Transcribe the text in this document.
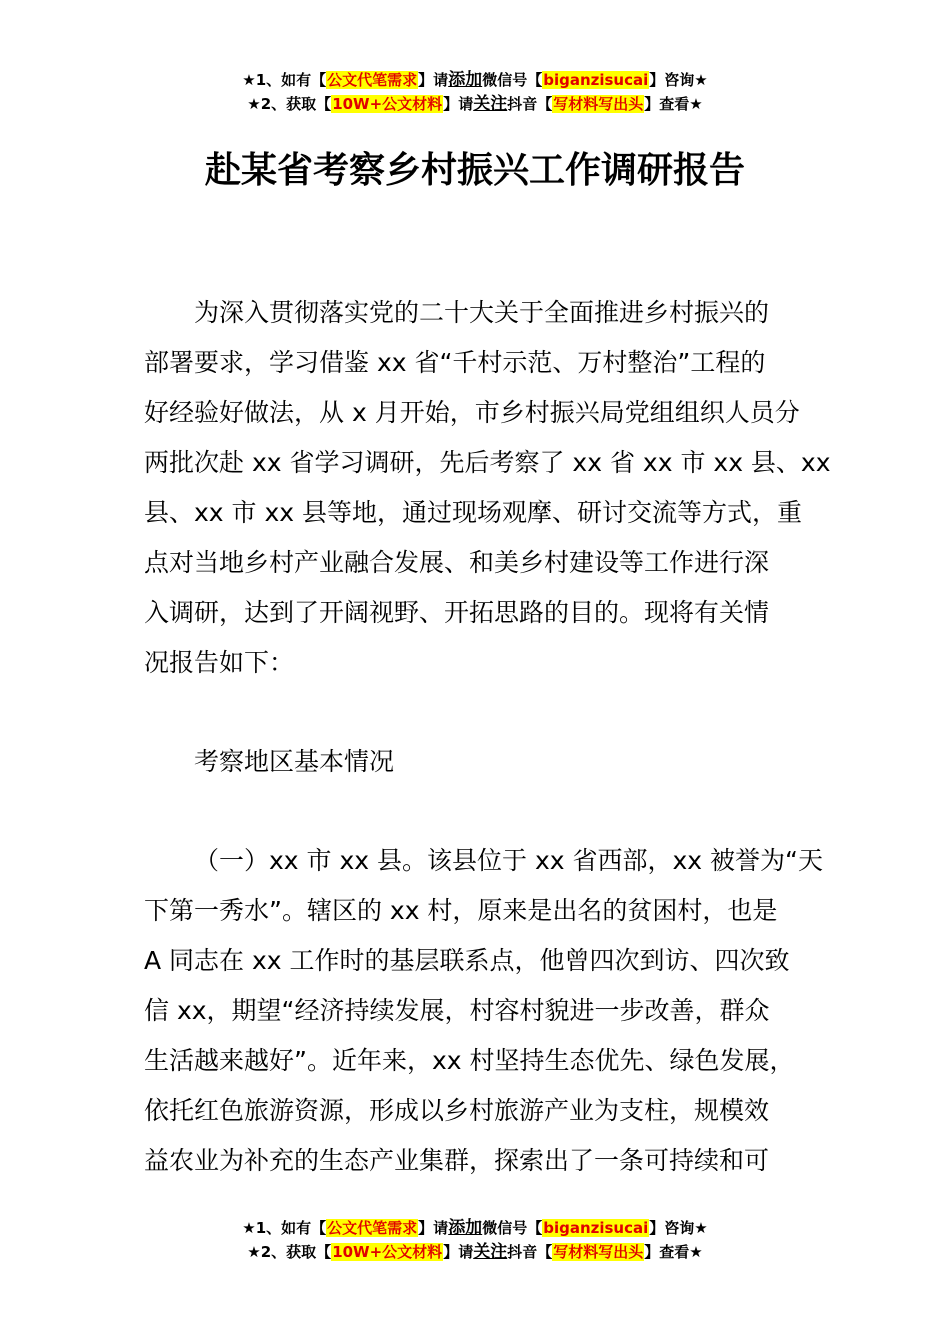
★1、如有【公文代笔需求】请添加微信号【biganzisucai】咨询★
★2、获取【10W+公文材料】请关注抖音【写材料写出头】查看★
赴某省考察乡村振兴工作调研报告
为深入贯彻落实党的二十大关于全面推进乡村振兴的
部署要求，学习借鉴 xx 省“千村示范、万村整治”工程的
好经验好做法，从 x 月开始，市乡村振兴局党组组织人员分
两批次赴 xx 省学习调研，先后考察了 xx 省 xx 市 xx 县、xx
县、xx 市 xx 县等地，通过现场观摩、研讨交流等方式，重
点对当地乡村产业融合发展、和美乡村建设等工作进行深
入调研，达到了开阔视野、开拓思路的目的。现将有关情
况报告如下：
考察地区基本情况
（一）xx 市 xx 县。该县位于 xx 省西部，xx 被誉为“天
下第一秀水”。辖区的 xx 村，原来是出名的贫困村，也是
A 同志在 xx 工作时的基层联系点，他曾四次到访、四次致
信 xx，期望“经济持续发展，村容村貌进一步改善，群众
生活越来越好”。近年来，xx 村坚持生态优先、绿色发展，
依托红色旅游资源，形成以乡村旅游产业为支柱，规模效
益农业为补充的生态产业集群，探索出了一条可持续和可
★1、如有【公文代笔需求】请添加微信号【biganzisucai】咨询★
★2、获取【10W+公文材料】请关注抖音【写材料写出头】查看★
